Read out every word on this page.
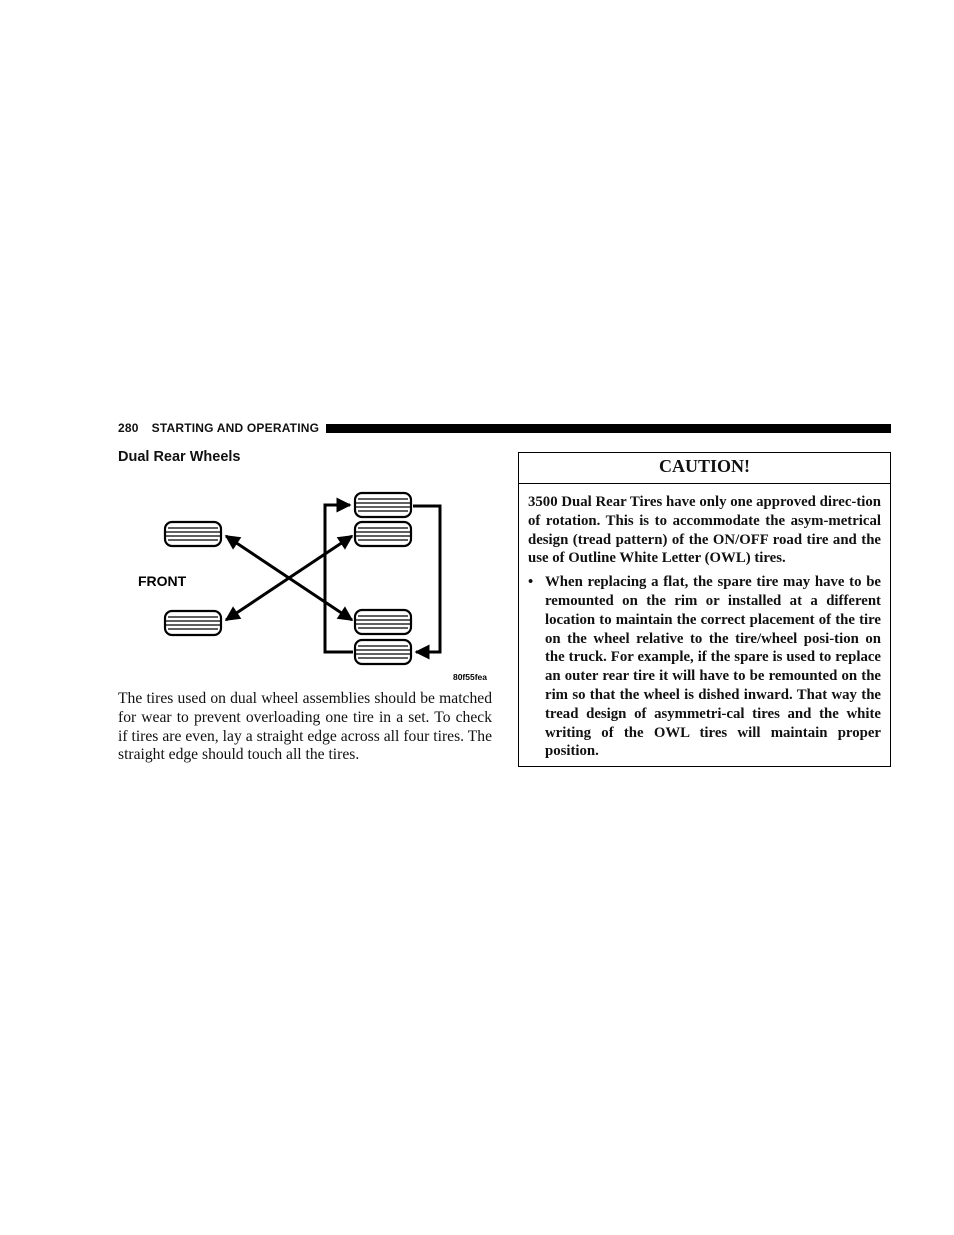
280 STARTING AND OPERATING
Dual Rear Wheels
FRONT
80f55fea
The tires used on dual wheel assemblies should be matched for wear to prevent overloading one tire in a set. To check if tires are even, lay a straight edge across all four tires. The straight edge should touch all the tires.
CAUTION!

3500 Dual Rear Tires have only one approved direc-tion of rotation. This is to accommodate the asym-metrical design (tread pattern) of the ON/OFF road tire and the use of Outline White Letter (OWL) tires.

• When replacing a flat, the spare tire may have to be remounted on the rim or installed at a different location to maintain the correct placement of the tire on the wheel relative to the tire/wheel posi-tion on the truck. For example, if the spare is used to replace an outer rear tire it will have to be remounted on the rim so that the wheel is dished inward. That way the tread design of asymmetri-cal tires and the white writing of the OWL tires will maintain proper position.
